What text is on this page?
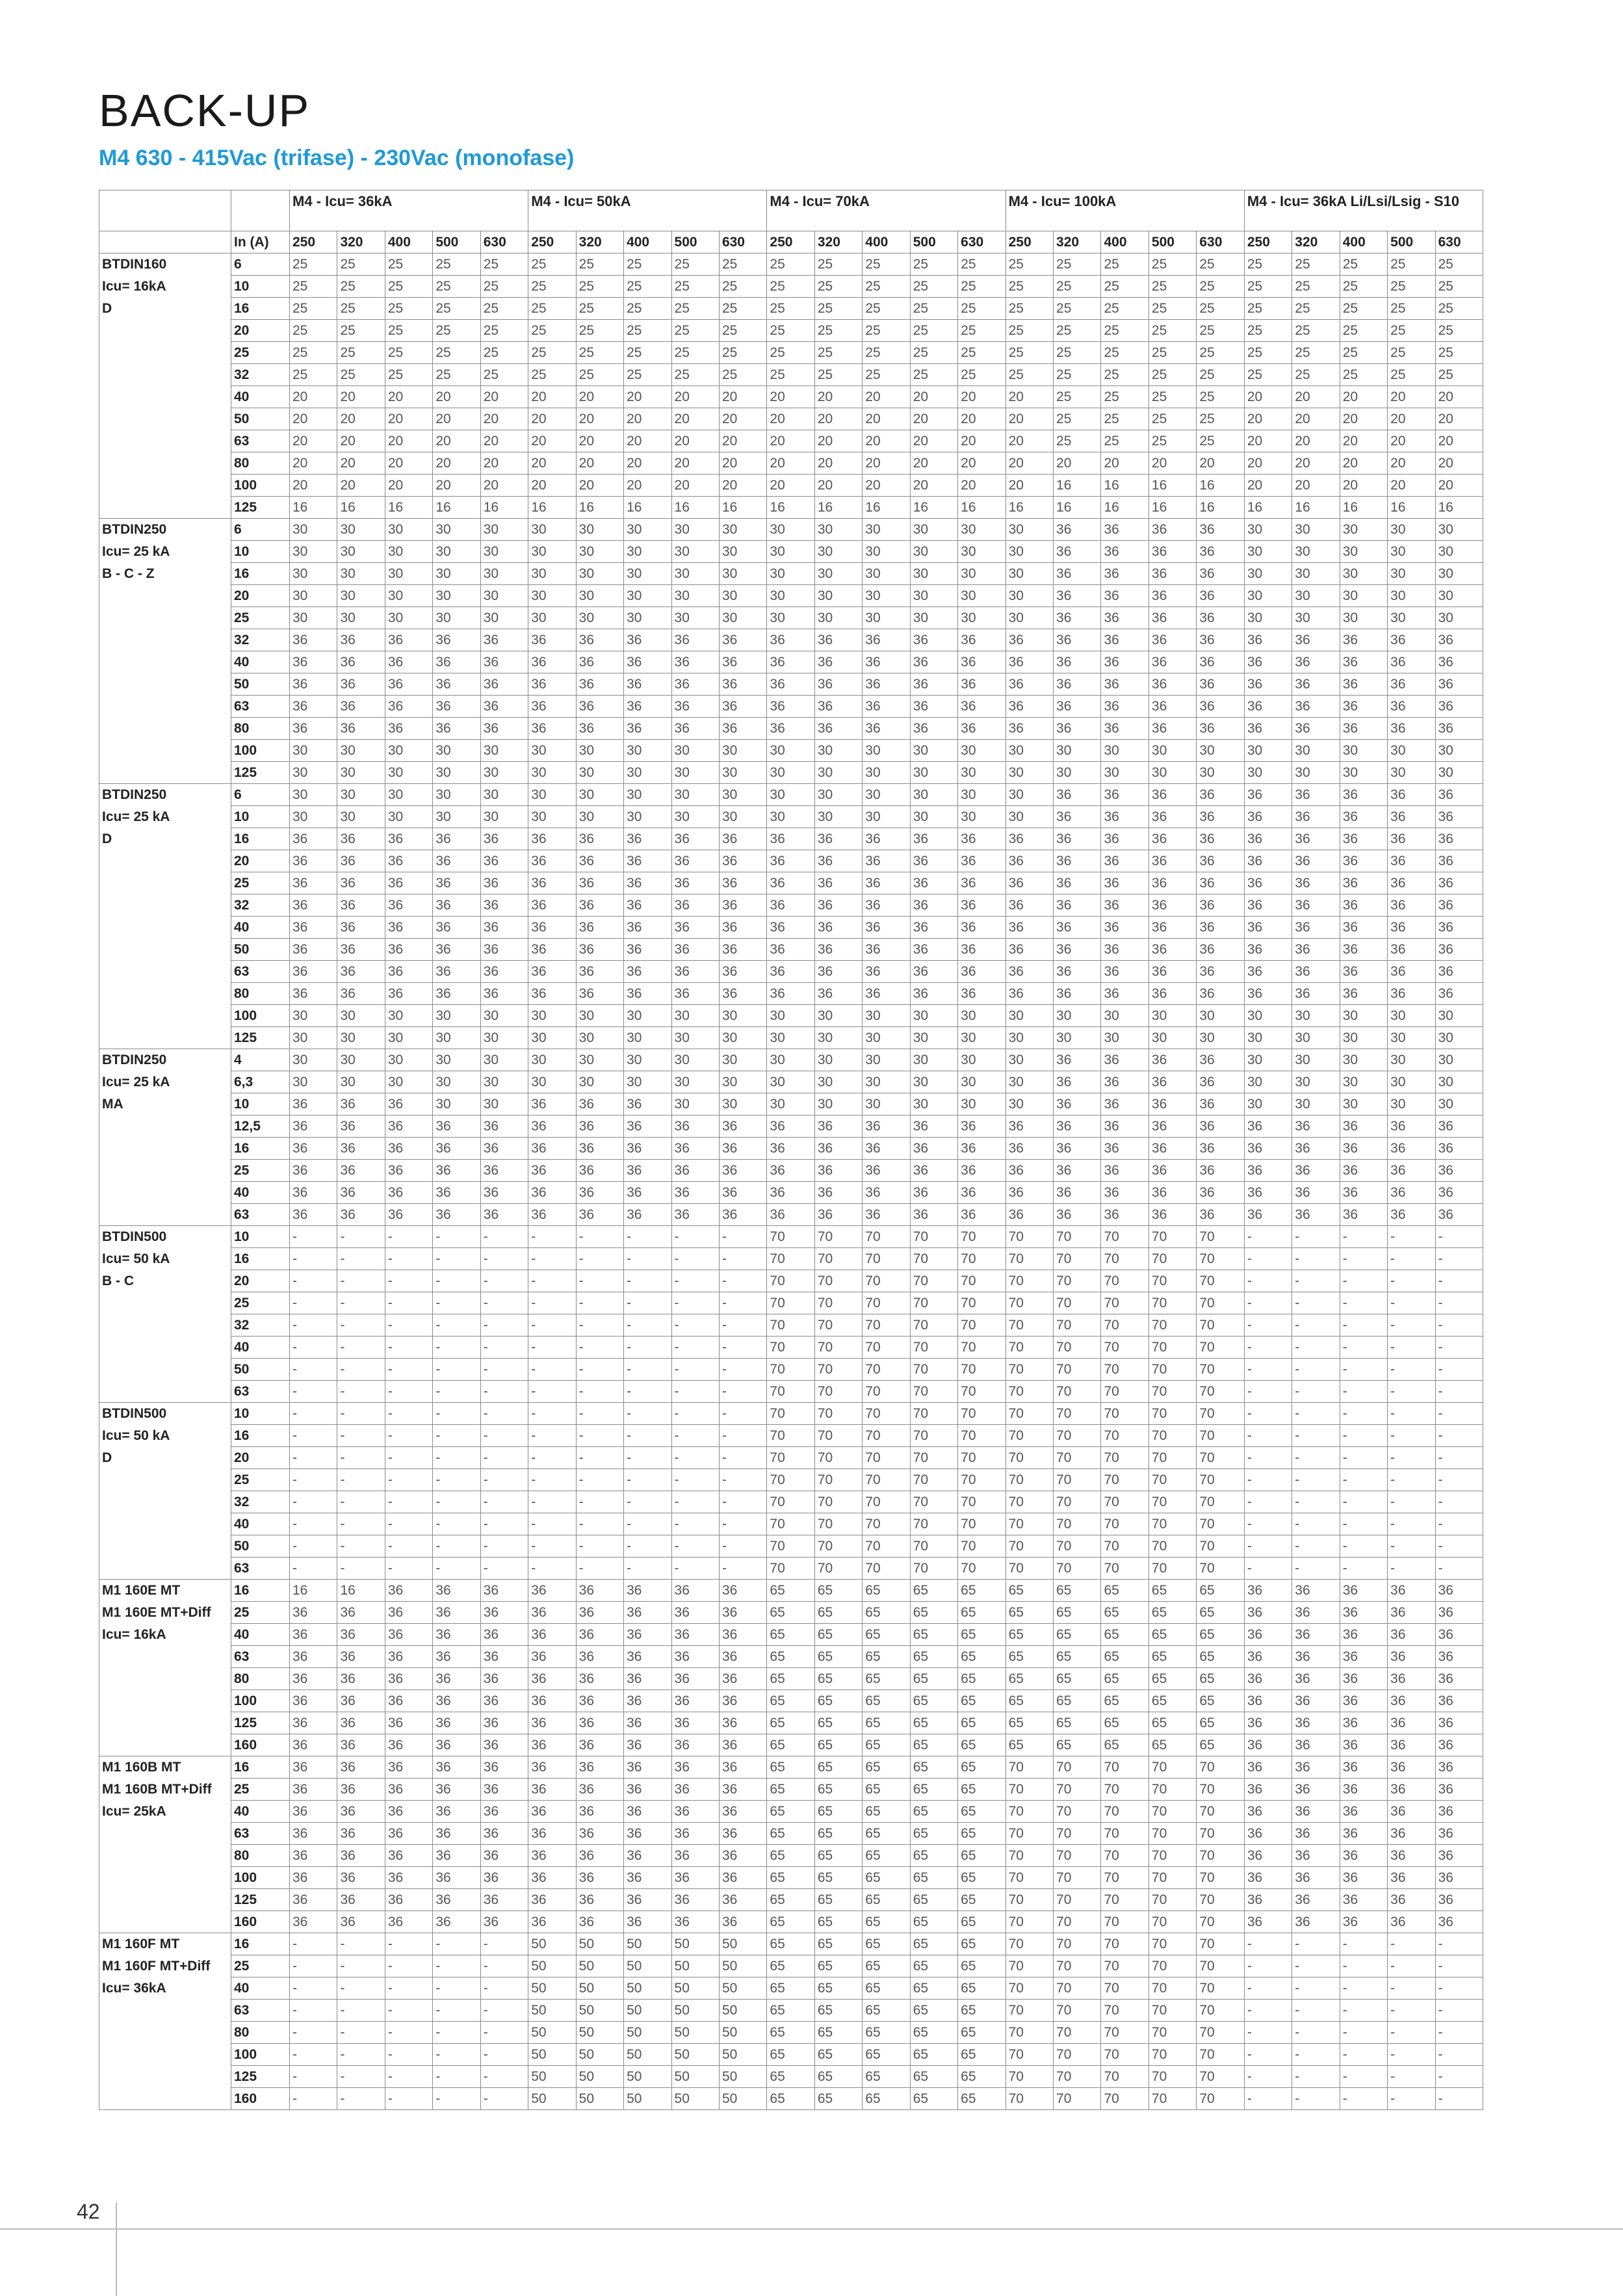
BACK-UP
M4 630 - 415Vac (trifase) - 230Vac (monofase)
		M4 - Icu= 36kA					M4 - Icu= 50kA					M4 - Icu= 70kA					M4 - Icu= 100kA					M4 - Icu= 36kA Li/Lsi/Lsig - S10				
	In (A)	250	320	400	500	630	250	320	400	500	630	250	320	400	500	630	250	320	400	500	630	250	320	400	500	630

BTDIN160
Icu= 16kA
D	6	25	25	25	25	25	25	25	25	25	25	25	25	25	25	25	25	25	25	25	25	25	25	25	25	25
	10	25	25	25	25	25	25	25	25	25	25	25	25	25	25	25	25	25	25	25	25	25	25	25	25	25
	16	25	25	25	25	25	25	25	25	25	25	25	25	25	25	25	25	25	25	25	25	25	25	25	25	25
	20	25	25	25	25	25	25	25	25	25	25	25	25	25	25	25	25	25	25	25	25	25	25	25	25	25
	25	25	25	25	25	25	25	25	25	25	25	25	25	25	25	25	25	25	25	25	25	25	25	25	25	25
	32	25	25	25	25	25	25	25	25	25	25	25	25	25	25	25	25	25	25	25	25	25	25	25	25	25
	40	20	20	20	20	20	20	20	20	20	20	20	20	20	20	20	20	25	25	25	25	20	20	20	20	20
	50	20	20	20	20	20	20	20	20	20	20	20	20	20	20	20	20	25	25	25	25	20	20	20	20	20
	63	20	20	20	20	20	20	20	20	20	20	20	20	20	20	20	20	25	25	25	25	20	20	20	20	20
	80	20	20	20	20	20	20	20	20	20	20	20	20	20	20	20	20	20	20	20	20	20	20	20	20	20
	100	20	20	20	20	20	20	20	20	20	20	20	20	20	20	20	20	16	16	16	16	20	20	20	20	20
	125	16	16	16	16	16	16	16	16	16	16	16	16	16	16	16	16	16	16	16	16	16	16	16	16	16

BTDIN250
Icu= 25 kA
B - C - Z	6	30	30	30	30	30	30	30	30	30	30	30	30	30	30	30	30	36	36	36	36	30	30	30	30	30
	10	30	30	30	30	30	30	30	30	30	30	30	30	30	30	30	30	36	36	36	36	30	30	30	30	30
	16	30	30	30	30	30	30	30	30	30	30	30	30	30	30	30	30	36	36	36	36	30	30	30	30	30
	20	30	30	30	30	30	30	30	30	30	30	30	30	30	30	30	30	36	36	36	36	30	30	30	30	30
	25	30	30	30	30	30	30	30	30	30	30	30	30	30	30	30	30	36	36	36	36	30	30	30	30	30
	32	36	36	36	36	36	36	36	36	36	36	36	36	36	36	36	36	36	36	36	36	36	36	36	36	36
	40	36	36	36	36	36	36	36	36	36	36	36	36	36	36	36	36	36	36	36	36	36	36	36	36	36
	50	36	36	36	36	36	36	36	36	36	36	36	36	36	36	36	36	36	36	36	36	36	36	36	36	36
	63	36	36	36	36	36	36	36	36	36	36	36	36	36	36	36	36	36	36	36	36	36	36	36	36	36
	80	36	36	36	36	36	36	36	36	36	36	36	36	36	36	36	36	36	36	36	36	36	36	36	36	36
	100	30	30	30	30	30	30	30	30	30	30	30	30	30	30	30	30	30	30	30	30	30	30	30	30	30
	125	30	30	30	30	30	30	30	30	30	30	30	30	30	30	30	30	30	30	30	30	30	30	30	30	30

BTDIN250
Icu= 25 kA
D	6	30	30	30	30	30	30	30	30	30	30	30	30	30	30	30	30	36	36	36	36	36	36	36	36	36
	10	30	30	30	30	30	30	30	30	30	30	30	30	30	30	30	30	36	36	36	36	36	36	36	36	36
	16	36	36	36	36	36	36	36	36	36	36	36	36	36	36	36	36	36	36	36	36	36	36	36	36	36
	20	36	36	36	36	36	36	36	36	36	36	36	36	36	36	36	36	36	36	36	36	36	36	36	36	36
	25	36	36	36	36	36	36	36	36	36	36	36	36	36	36	36	36	36	36	36	36	36	36	36	36	36
	32	36	36	36	36	36	36	36	36	36	36	36	36	36	36	36	36	36	36	36	36	36	36	36	36	36
	40	36	36	36	36	36	36	36	36	36	36	36	36	36	36	36	36	36	36	36	36	36	36	36	36	36
	50	36	36	36	36	36	36	36	36	36	36	36	36	36	36	36	36	36	36	36	36	36	36	36	36	36
	63	36	36	36	36	36	36	36	36	36	36	36	36	36	36	36	36	36	36	36	36	36	36	36	36	36
	80	36	36	36	36	36	36	36	36	36	36	36	36	36	36	36	36	36	36	36	36	36	36	36	36	36
	100	30	30	30	30	30	30	30	30	30	30	30	30	30	30	30	30	30	30	30	30	30	30	30	30	30
	125	30	30	30	30	30	30	30	30	30	30	30	30	30	30	30	30	30	30	30	30	30	30	30	30	30

BTDIN250
Icu= 25 kA
MA	4	30	30	30	30	30	30	30	30	30	30	30	30	30	30	30	30	36	36	36	36	30	30	30	30	30
	6,3	30	30	30	30	30	30	30	30	30	30	30	30	30	30	30	30	36	36	36	36	30	30	30	30	30
	10	36	36	36	30	30	36	36	36	30	30	30	30	30	30	30	30	36	36	36	36	30	30	30	30	30
	12,5	36	36	36	36	36	36	36	36	36	36	36	36	36	36	36	36	36	36	36	36	36	36	36	36	36
	16	36	36	36	36	36	36	36	36	36	36	36	36	36	36	36	36	36	36	36	36	36	36	36	36	36
	25	36	36	36	36	36	36	36	36	36	36	36	36	36	36	36	36	36	36	36	36	36	36	36	36	36
	40	36	36	36	36	36	36	36	36	36	36	36	36	36	36	36	36	36	36	36	36	36	36	36	36	36
	63	36	36	36	36	36	36	36	36	36	36	36	36	36	36	36	36	36	36	36	36	36	36	36	36	36

BTDIN500
Icu= 50 kA
B - C	10	-	-	-	-	-	-	-	-	-	-	70	70	70	70	70	70	70	70	70	70	-	-	-	-	-
	16	-	-	-	-	-	-	-	-	-	-	70	70	70	70	70	70	70	70	70	70	-	-	-	-	-
	20	-	-	-	-	-	-	-	-	-	-	70	70	70	70	70	70	70	70	70	70	-	-	-	-	-
	25	-	-	-	-	-	-	-	-	-	-	70	70	70	70	70	70	70	70	70	70	-	-	-	-	-
	32	-	-	-	-	-	-	-	-	-	-	70	70	70	70	70	70	70	70	70	70	-	-	-	-	-
	40	-	-	-	-	-	-	-	-	-	-	70	70	70	70	70	70	70	70	70	70	-	-	-	-	-
	50	-	-	-	-	-	-	-	-	-	-	70	70	70	70	70	70	70	70	70	70	-	-	-	-	-
	63	-	-	-	-	-	-	-	-	-	-	70	70	70	70	70	70	70	70	70	70	-	-	-	-	-

BTDIN500
Icu= 50 kA
D	10	-	-	-	-	-	-	-	-	-	-	70	70	70	70	70	70	70	70	70	70	-	-	-	-	-
	16	-	-	-	-	-	-	-	-	-	-	70	70	70	70	70	70	70	70	70	70	-	-	-	-	-
	20	-	-	-	-	-	-	-	-	-	-	70	70	70	70	70	70	70	70	70	70	-	-	-	-	-
	25	-	-	-	-	-	-	-	-	-	-	70	70	70	70	70	70	70	70	70	70	-	-	-	-	-
	32	-	-	-	-	-	-	-	-	-	-	70	70	70	70	70	70	70	70	70	70	-	-	-	-	-
	40	-	-	-	-	-	-	-	-	-	-	70	70	70	70	70	70	70	70	70	70	-	-	-	-	-
	50	-	-	-	-	-	-	-	-	-	-	70	70	70	70	70	70	70	70	70	70	-	-	-	-	-
	63	-	-	-	-	-	-	-	-	-	-	70	70	70	70	70	70	70	70	70	70	-	-	-	-	-

M1 160E MT
M1 160E MT+Diff
Icu= 16kA	16	16	16	36	36	36	36	36	36	36	36	65	65	65	65	65	65	65	65	65	65	36	36	36	36	36
	25	36	36	36	36	36	36	36	36	36	36	65	65	65	65	65	65	65	65	65	65	36	36	36	36	36
	40	36	36	36	36	36	36	36	36	36	36	65	65	65	65	65	65	65	65	65	65	36	36	36	36	36
	63	36	36	36	36	36	36	36	36	36	36	65	65	65	65	65	65	65	65	65	65	36	36	36	36	36
	80	36	36	36	36	36	36	36	36	36	36	65	65	65	65	65	65	65	65	65	65	36	36	36	36	36
	100	36	36	36	36	36	36	36	36	36	36	65	65	65	65	65	65	65	65	65	65	36	36	36	36	36
	125	36	36	36	36	36	36	36	36	36	36	65	65	65	65	65	65	65	65	65	65	36	36	36	36	36
	160	36	36	36	36	36	36	36	36	36	36	65	65	65	65	65	65	65	65	65	65	36	36	36	36	36

M1 160B MT
M1 160B MT+Diff
Icu= 25kA	16	36	36	36	36	36	36	36	36	36	36	65	65	65	65	65	70	70	70	70	70	36	36	36	36	36
	25	36	36	36	36	36	36	36	36	36	36	65	65	65	65	65	70	70	70	70	70	36	36	36	36	36
	40	36	36	36	36	36	36	36	36	36	36	65	65	65	65	65	70	70	70	70	70	36	36	36	36	36
	63	36	36	36	36	36	36	36	36	36	36	65	65	65	65	65	70	70	70	70	70	36	36	36	36	36
	80	36	36	36	36	36	36	36	36	36	36	65	65	65	65	65	70	70	70	70	70	36	36	36	36	36
	100	36	36	36	36	36	36	36	36	36	36	65	65	65	65	65	70	70	70	70	70	36	36	36	36	36
	125	36	36	36	36	36	36	36	36	36	36	65	65	65	65	65	70	70	70	70	70	36	36	36	36	36
	160	36	36	36	36	36	36	36	36	36	36	65	65	65	65	65	70	70	70	70	70	36	36	36	36	36

M1 160F MT
M1 160F MT+Diff
Icu= 36kA	16	-	-	-	-	-	50	50	50	50	50	65	65	65	65	65	70	70	70	70	70	-	-	-	-	-
	25	-	-	-	-	-	50	50	50	50	50	65	65	65	65	65	70	70	70	70	70	-	-	-	-	-
	40	-	-	-	-	-	50	50	50	50	50	65	65	65	65	65	70	70	70	70	70	-	-	-	-	-
	63	-	-	-	-	-	50	50	50	50	50	65	65	65	65	65	70	70	70	70	70	-	-	-	-	-
	80	-	-	-	-	-	50	50	50	50	50	65	65	65	65	65	70	70	70	70	70	-	-	-	-	-
	100	-	-	-	-	-	50	50	50	50	50	65	65	65	65	65	70	70	70	70	70	-	-	-	-	-
	125	-	-	-	-	-	50	50	50	50	50	65	65	65	65	65	70	70	70	70	70	-	-	-	-	-
	160	-	-	-	-	-	50	50	50	50	50	65	65	65	65	65	70	70	70	70	70	-	-	-	-	-
42
